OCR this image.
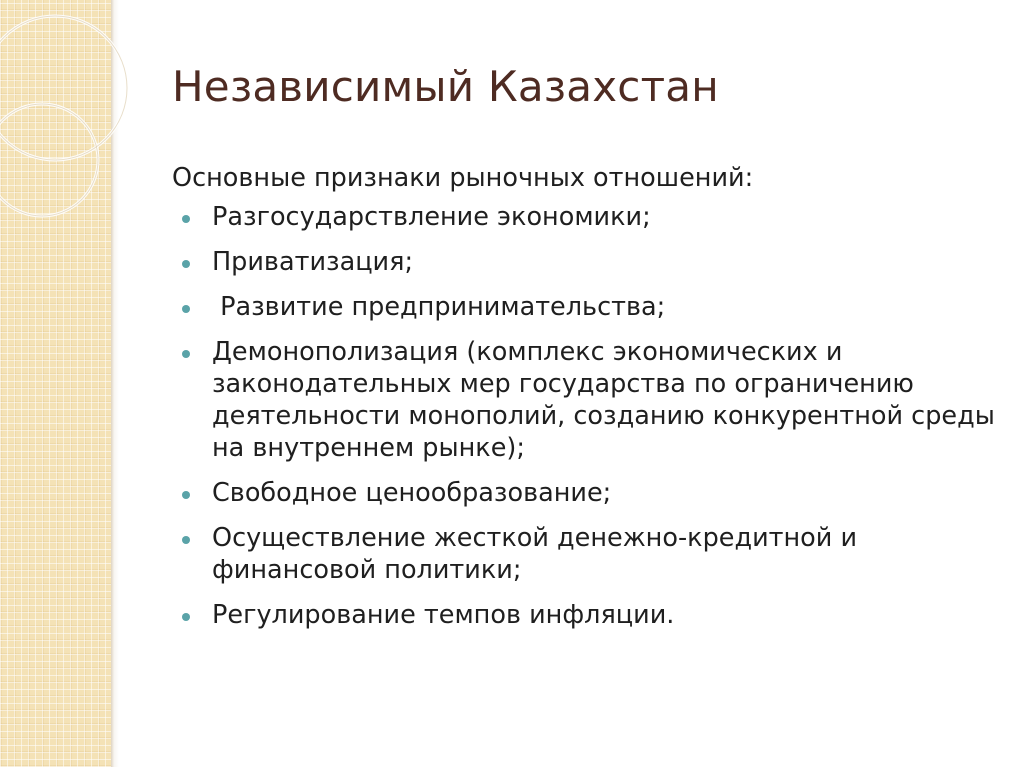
Независимый Казахстан

Основные признаки рыночных отношений:

Разгосударствление экономики;
Приватизация;
Развитие предпринимательства;
Демонополизация (комплекс экономических и законодательных мер государства по ограничению деятельности монополий, созданию конкурентной среды на внутреннем рынке);
Свободное ценообразование;
Осуществление жесткой денежно-кредитной и финансовой политики;
Регулирование темпов инфляции.
